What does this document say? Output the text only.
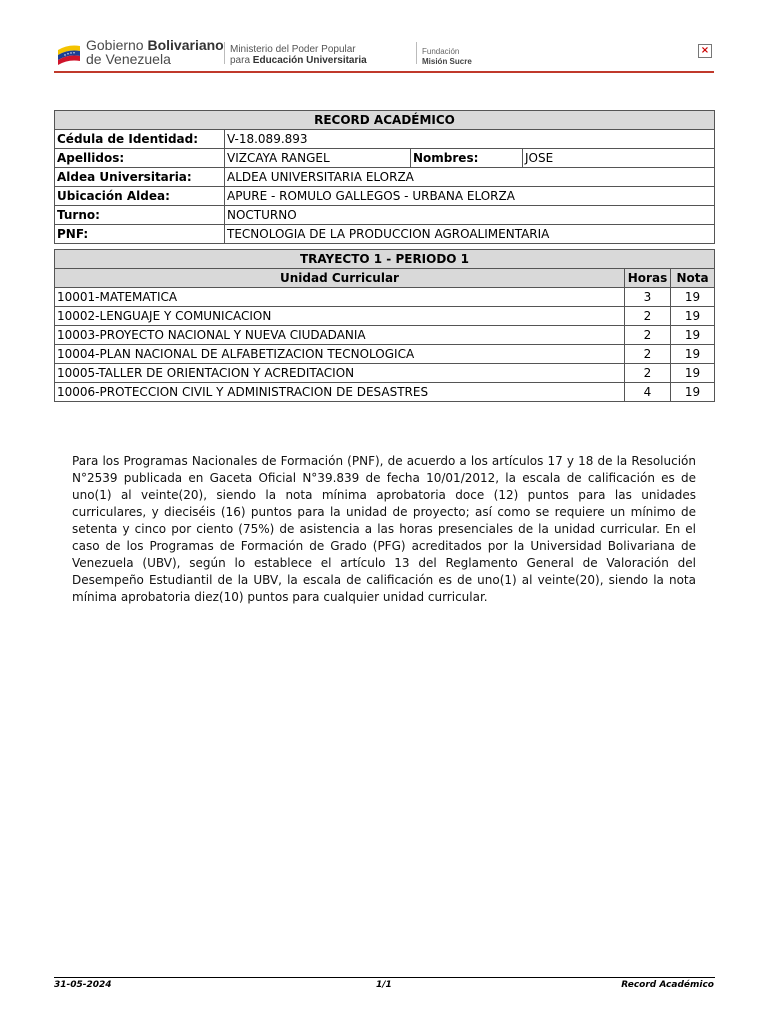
Gobierno Bolivariano
de Venezuela
Ministerio del Poder Popular
para Educación Universitaria
Fundación
Misión Sucre
×
RECORD ACADÉMICO			
Cédula de Identidad:	V-18.089.893		
Apellidos:	VIZCAYA RANGEL	Nombres:	JOSE
Aldea Universitaria:	ALDEA UNIVERSITARIA ELORZA		
Ubicación Aldea:	APURE - ROMULO GALLEGOS - URBANA ELORZA		
Turno:	NOCTURNO		
PNF:	TECNOLOGIA DE LA PRODUCCION AGROALIMENTARIA		
TRAYECTO 1 - PERIODO 1		
Unidad Curricular	Horas	Nota
10001-MATEMATICA	3	19
10002-LENGUAJE Y COMUNICACION	2	19
10003-PROYECTO NACIONAL Y NUEVA CIUDADANIA	2	19
10004-PLAN NACIONAL DE ALFABETIZACION TECNOLOGICA	2	19
10005-TALLER DE ORIENTACION Y ACREDITACION	2	19
10006-PROTECCION CIVIL Y ADMINISTRACION DE DESASTRES	4	19
Para los Programas Nacionales de Formación (PNF), de acuerdo a los artículos 17 y 18 de la Resolución N°2539 publicada en Gaceta Oficial N°39.839 de fecha 10/01/2012, la escala de calificación es de uno(1) al veinte(20), siendo la nota mínima aprobatoria doce (12) puntos para las unidades curriculares, y dieciséis (16) puntos para la unidad de proyecto; así como se requiere un mínimo de setenta y cinco por ciento (75%) de asistencia a las horas presenciales de la unidad curricular. En el caso de los Programas de Formación de Grado (PFG) acreditados por la Universidad Bolivariana de Venezuela (UBV), según lo establece el artículo 13 del Reglamento General de Valoración del Desempeño Estudiantil de la UBV, la escala de calificación es de uno(1) al veinte(20), siendo la nota mínima aprobatoria diez(10) puntos para cualquier unidad curricular.
31-05-2024	1/1	Record Académico
